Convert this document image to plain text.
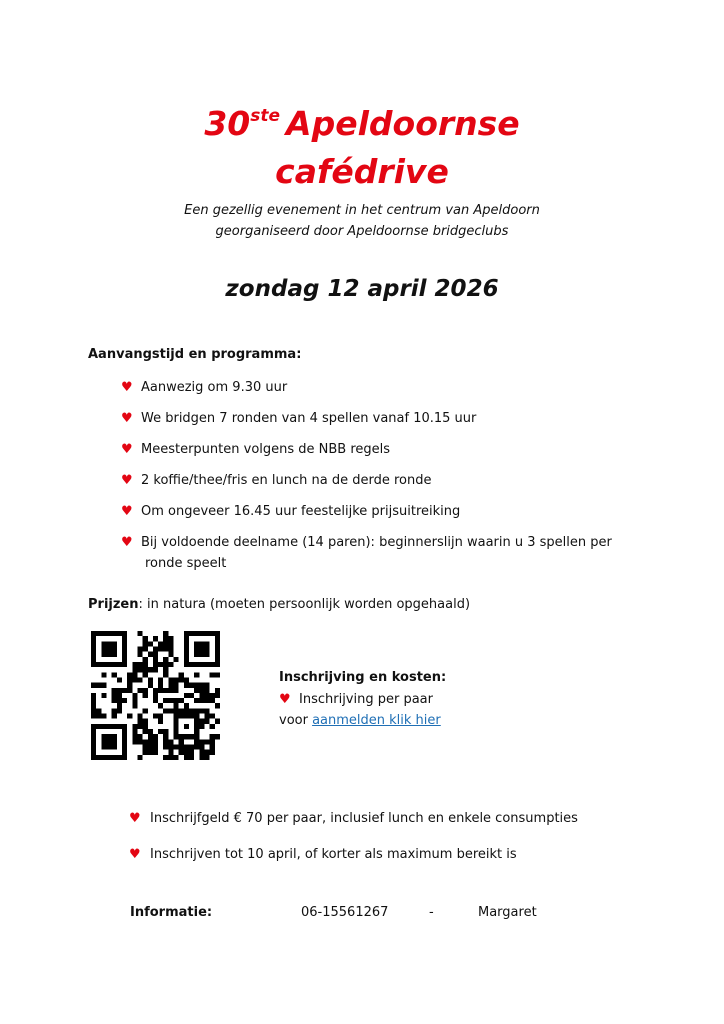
30ste Apeldoornse
cafédrive
Een gezellig evenement in het centrum van Apeldoorn
georganiseerd door Apeldoornse bridgeclubs
zondag 12 april 2026
Aanvangstijd en programma:
♥ Aanwezig om 9.30 uur
♥ We bridgen 7 ronden van 4 spellen vanaf 10.15 uur
♥ Meesterpunten volgens de NBB regels
♥ 2 koffie/thee/fris en lunch na de derde ronde
♥ Om ongeveer 16.45 uur feestelijke prijsuitreiking
♥ Bij voldoende deelname (14 paren): beginnerslijn waarin u 3 spellen per
ronde speelt
Prijzen: in natura (moeten persoonlijk worden opgehaald)
Inschrijving en kosten:
♥ Inschrijving per paar
voor aanmelden klik hier
♥ Inschrijfgeld € 70 per paar, inclusief lunch en enkele consumpties
♥ Inschrijven tot 10 april, of korter als maximum bereikt is
Informatie:	06-15561267	-	Margaret
